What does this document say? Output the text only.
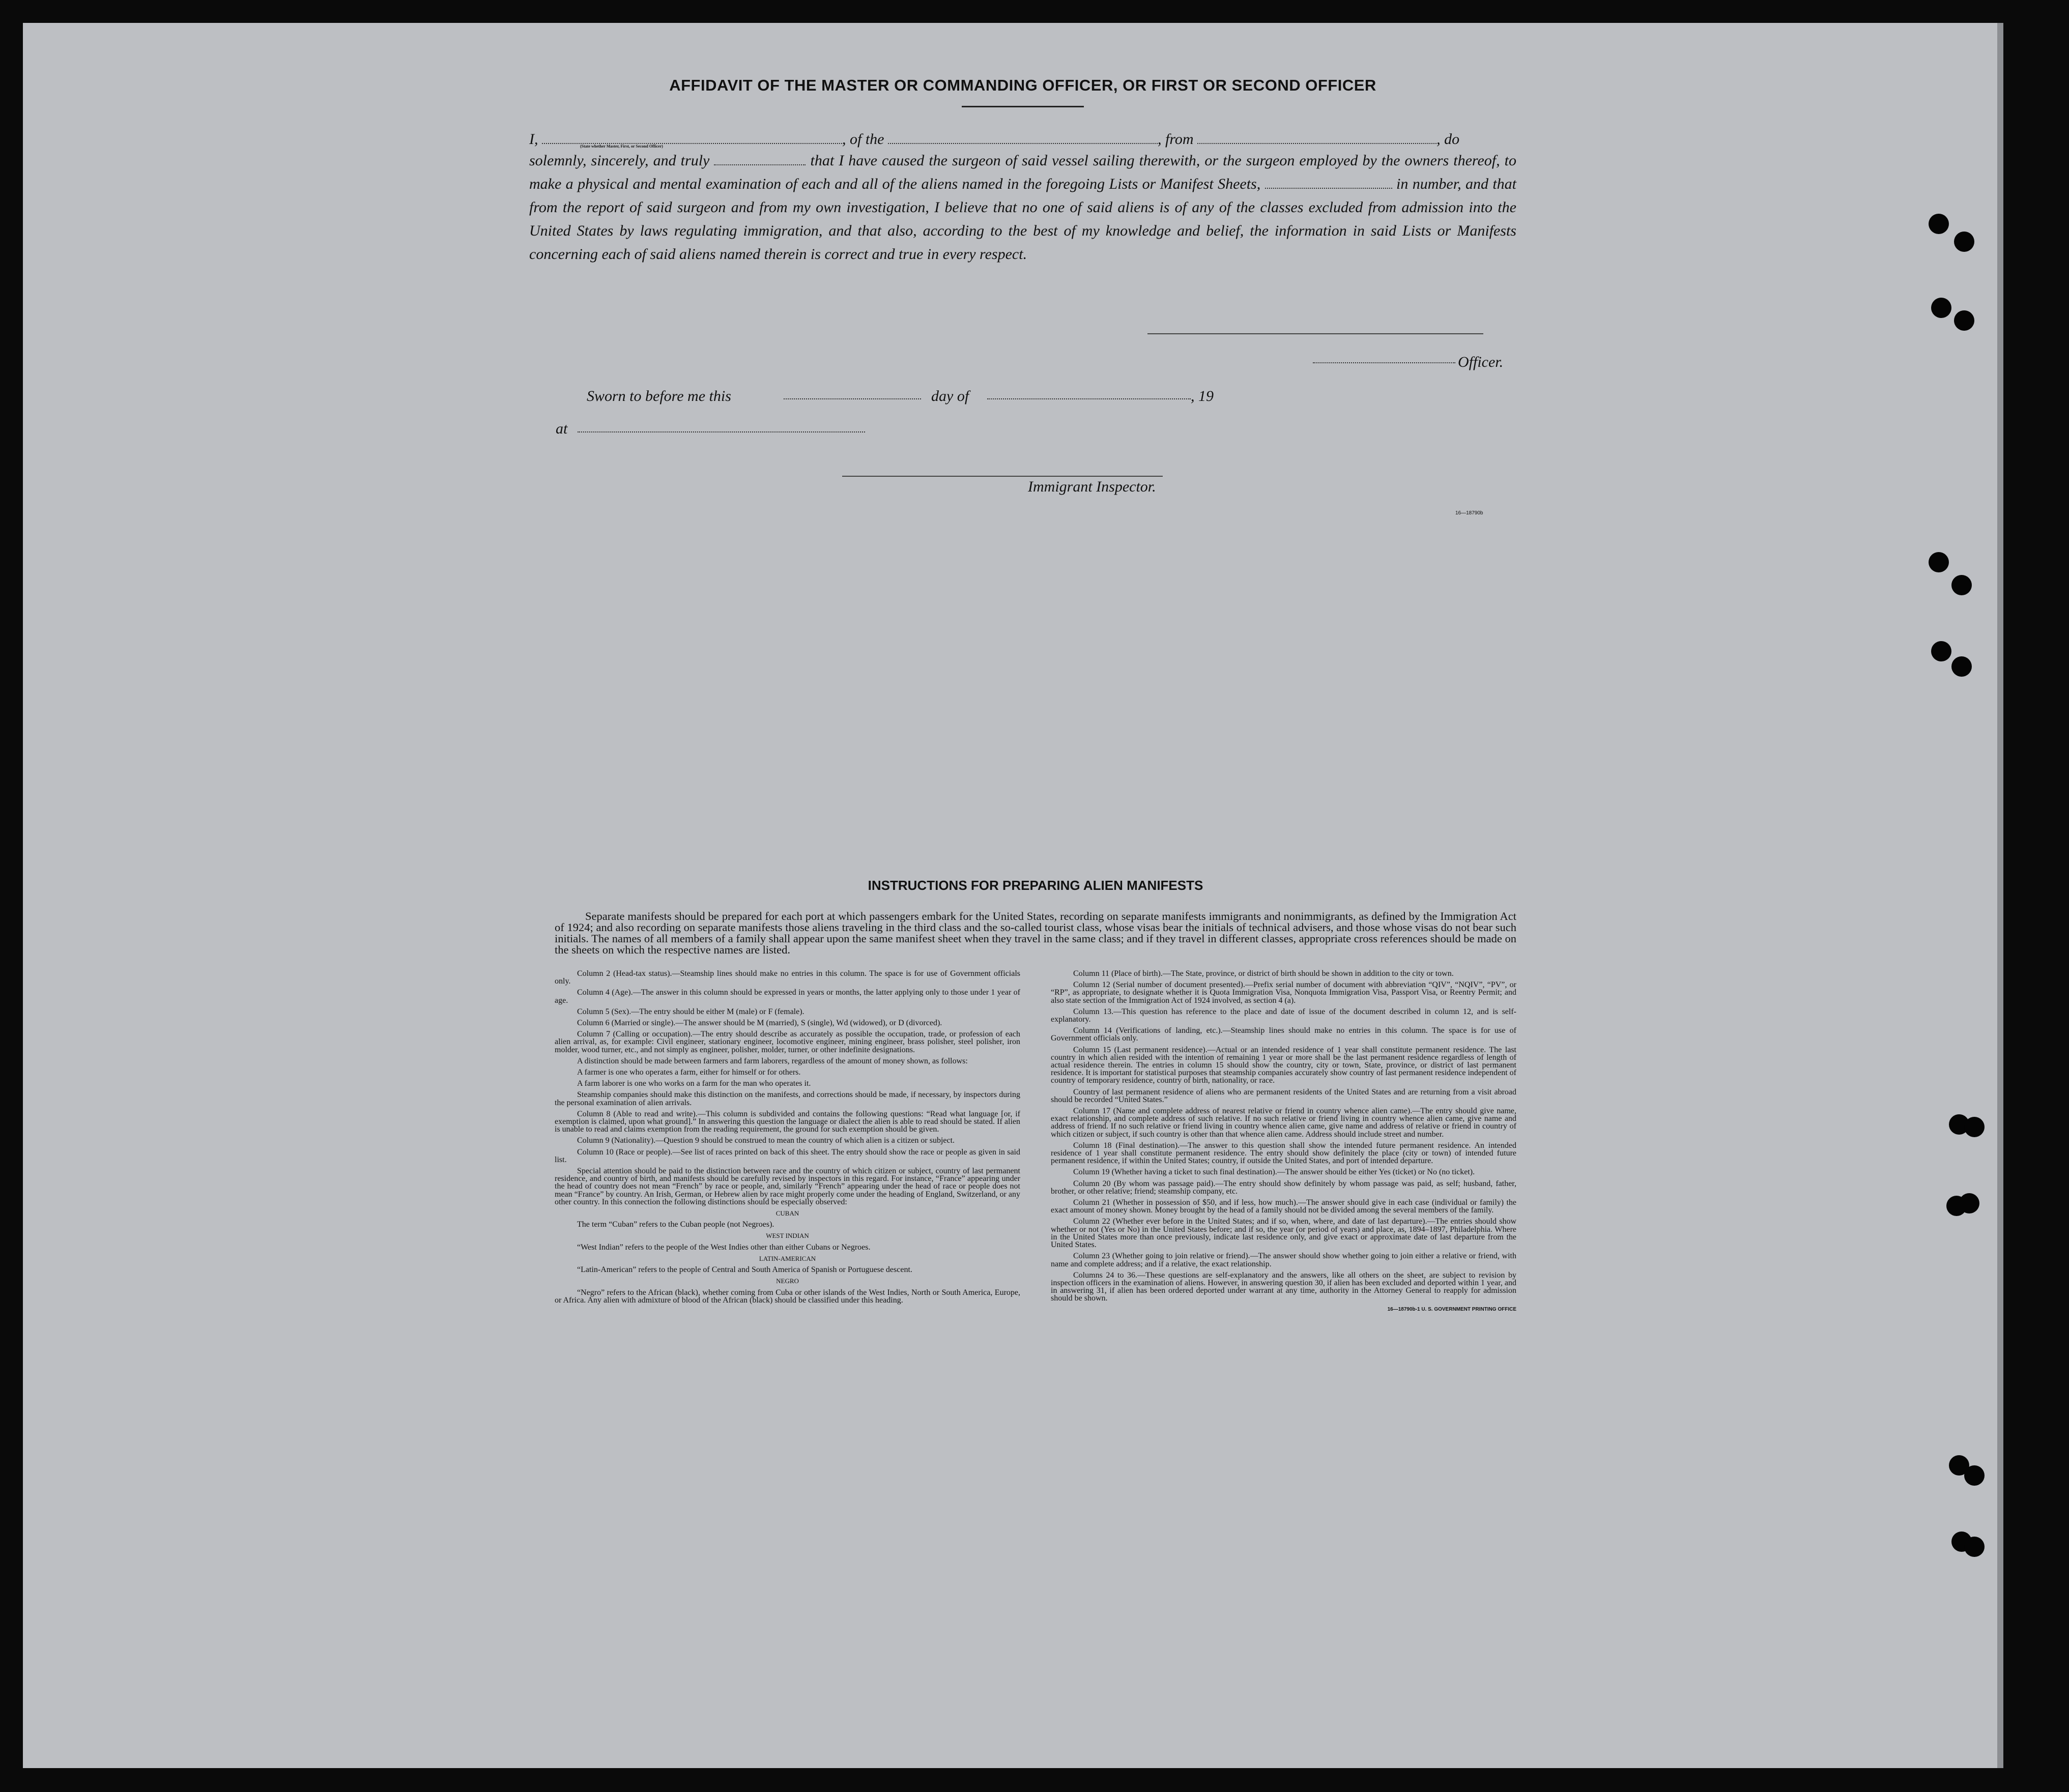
AFFIDAVIT OF THE MASTER OR COMMANDING OFFICER, OR FIRST OR SECOND OFFICER
I,	, of the	, from	, do
(State whether Master, First, or Second Officer)
solemnly, sincerely, and truly	that I have caused the surgeon of said vessel sailing therewith, or the surgeon employed by the owners thereof, to make a physical and mental examination of each and all of the aliens named in the foregoing Lists or Manifest Sheets,	in number, and that from the report of said surgeon and from my own investigation, I believe that no one of said aliens is of any of the classes excluded from admission into the United States by laws regulating immigration, and that also, according to the best of my knowledge and belief, the information in said Lists or Manifests concerning each of said aliens named therein is correct and true in every respect.
Officer.
Sworn to before me this	day of	, 19
at
Immigrant Inspector.
16—18790b
INSTRUCTIONS FOR PREPARING ALIEN MANIFESTS

Separate manifests should be prepared for each port at which passengers embark for the United States, recording on separate manifests immigrants and nonimmigrants, as defined by the Immigration Act of 1924; and also recording on separate manifests those aliens traveling in the third class and the so-called tourist class, whose visas bear the initials of technical advisers, and those whose visas do not bear such initials. The names of all members of a family shall appear upon the same manifest sheet when they travel in the same class; and if they travel in different classes, appropriate cross references should be made on the sheets on which the respective names are listed.

Column 2 (Head-tax status).—Steamship lines should make no entries in this column. The space is for use of Government officials only.

Column 4 (Age).—The answer in this column should be expressed in years or months, the latter applying only to those under 1 year of age.

Column 5 (Sex).—The entry should be either M (male) or F (female).

Column 6 (Married or single).—The answer should be M (married), S (single), Wd (widowed), or D (divorced).

Column 7 (Calling or occupation).—The entry should describe as accurately as possible the occupation, trade, or profession of each alien arrival, as, for example: Civil engineer, stationary engineer, locomotive engineer, mining engineer, brass polisher, steel polisher, iron molder, wood turner, etc., and not simply as engineer, polisher, molder, turner, or other indefinite designations.

A distinction should be made between farmers and farm laborers, regardless of the amount of money shown, as follows:

A farmer is one who operates a farm, either for himself or for others.

A farm laborer is one who works on a farm for the man who operates it.

Steamship companies should make this distinction on the manifests, and corrections should be made, if necessary, by inspectors during the personal examination of alien arrivals.

Column 8 (Able to read and write).—This column is subdivided and contains the following questions: “Read what language [or, if exemption is claimed, upon what ground].” In answering this question the language or dialect the alien is able to read should be stated. If alien is unable to read and claims exemption from the reading requirement, the ground for such exemption should be given.

Column 9 (Nationality).—Question 9 should be construed to mean the country of which alien is a citizen or subject.

Column 10 (Race or people).—See list of races printed on back of this sheet. The entry should show the race or people as given in said list.

Special attention should be paid to the distinction between race and the country of which citizen or subject, country of last permanent residence, and country of birth, and manifests should be carefully revised by inspectors in this regard. For instance, “France” appearing under the head of country does not mean “French” by race or people, and, similarly “French” appearing under the head of race or people does not mean “France” by country. An Irish, German, or Hebrew alien by race might properly come under the heading of England, Switzerland, or any other country. In this connection the following distinctions should be especially observed:

CUBAN

The term “Cuban” refers to the Cuban people (not Negroes).

WEST INDIAN

“West Indian” refers to the people of the West Indies other than either Cubans or Negroes.

LATIN-AMERICAN

“Latin-American” refers to the people of Central and South America of Spanish or Portuguese descent.

NEGRO

“Negro” refers to the African (black), whether coming from Cuba or other islands of the West Indies, North or South America, Europe, or Africa. Any alien with admixture of blood of the African (black) should be classified under this heading.

Column 11 (Place of birth).—The State, province, or district of birth should be shown in addition to the city or town.

Column 12 (Serial number of document presented).—Prefix serial number of document with abbreviation “QIV”, “NQIV”, “PV”, or “RP”, as appropriate, to designate whether it is Quota Immigration Visa, Nonquota Immigration Visa, Passport Visa, or Reentry Permit; and also state section of the Immigration Act of 1924 involved, as section 4 (a).

Column 13.—This question has reference to the place and date of issue of the document described in column 12, and is self-explanatory.

Column 14 (Verifications of landing, etc.).—Steamship lines should make no entries in this column. The space is for use of Government officials only.

Column 15 (Last permanent residence).—Actual or an intended residence of 1 year shall constitute permanent residence. The last country in which alien resided with the intention of remaining 1 year or more shall be the last permanent residence regardless of length of actual residence therein. The entries in column 15 should show the country, city or town, State, province, or district of last permanent residence. It is important for statistical purposes that steamship companies accurately show country of last permanent residence independent of country of temporary residence, country of birth, nationality, or race.

Country of last permanent residence of aliens who are permanent residents of the United States and are returning from a visit abroad should be recorded “United States.”

Column 17 (Name and complete address of nearest relative or friend in country whence alien came).—The entry should give name, exact relationship, and complete address of such relative. If no such relative or friend living in country whence alien came, give name and address of friend. If no such relative or friend living in country whence alien came, give name and address of relative or friend in country of which citizen or subject, if such country is other than that whence alien came. Address should include street and number.

Column 18 (Final destination).—The answer to this question shall show the intended future permanent residence. An intended residence of 1 year shall constitute permanent residence. The entry should show definitely the place (city or town) of intended future permanent residence, if within the United States; country, if outside the United States, and port of intended departure.

Column 19 (Whether having a ticket to such final destination).—The answer should be either Yes (ticket) or No (no ticket).

Column 20 (By whom was passage paid).—The entry should show definitely by whom passage was paid, as self; husband, father, brother, or other relative; friend; steamship company, etc.

Column 21 (Whether in possession of $50, and if less, how much).—The answer should give in each case (individual or family) the exact amount of money shown. Money brought by the head of a family should not be divided among the several members of the family.

Column 22 (Whether ever before in the United States; and if so, when, where, and date of last departure).—The entries should show whether or not (Yes or No) in the United States before; and if so, the year (or period of years) and place, as, 1894–1897, Philadelphia. Where in the United States more than once previously, indicate last residence only, and give exact or approximate date of last departure from the United States.

Column 23 (Whether going to join relative or friend).—The answer should show whether going to join either a relative or friend, with name and complete address; and if a relative, the exact relationship.

Columns 24 to 36.—These questions are self-explanatory and the answers, like all others on the sheet, are subject to revision by inspection officers in the examination of aliens. However, in answering question 30, if alien has been excluded and deported within 1 year, and in answering 31, if alien has been ordered deported under warrant at any time, authority in the Attorney General to reapply for admission should be shown.

16—18790b-1 U. S. GOVERNMENT PRINTING OFFICE
